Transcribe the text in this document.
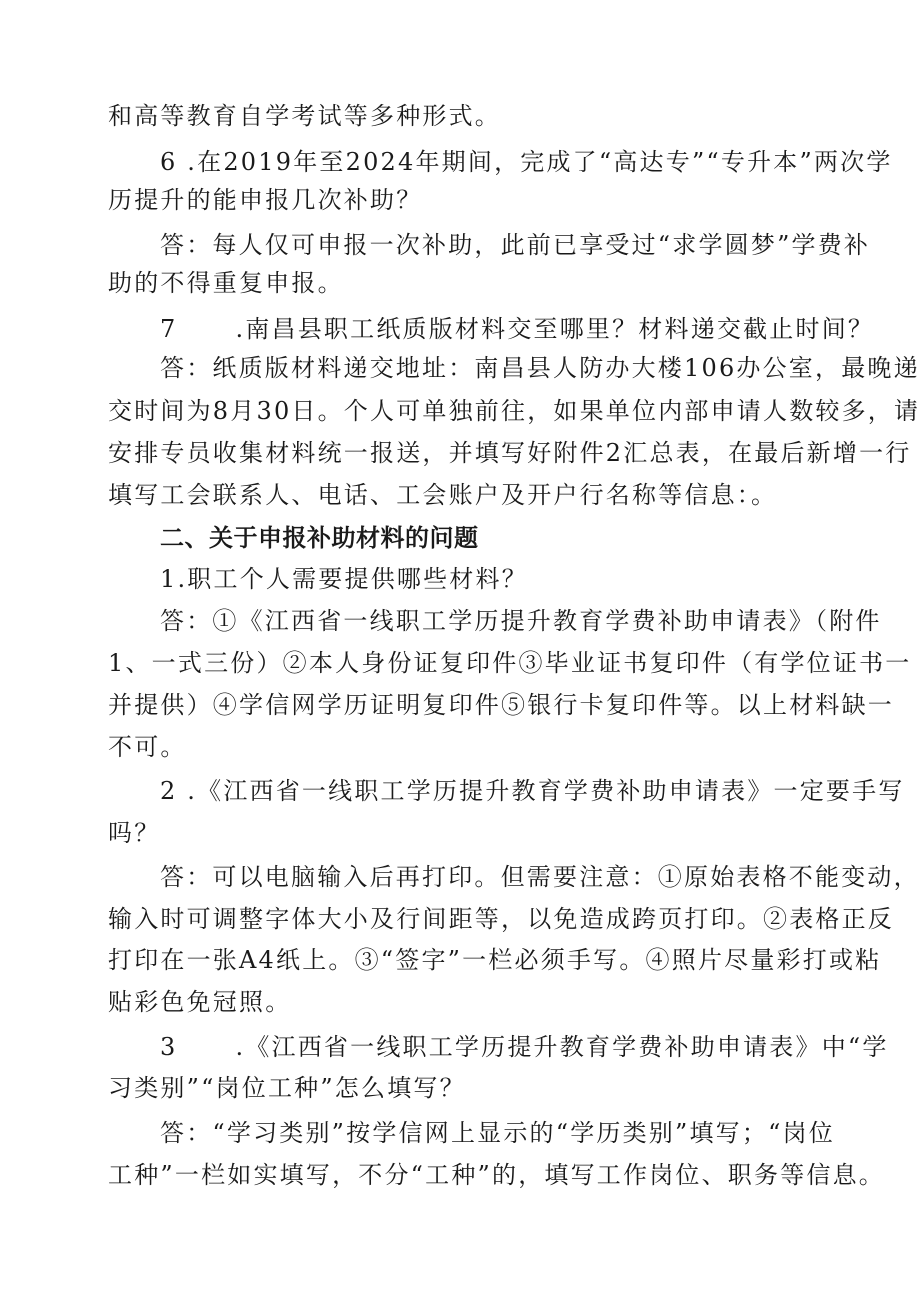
和高等教育自学考试等多种形式。
6 .在2019年至2024年期间，完成了“高达专”“专升本”两次学
历提升的能申报几次补助？
答：每人仅可申报一次补助，此前已享受过“求学圆梦”学费补
助的不得重复申报。
7 .南昌县职工纸质版材料交至哪里？材料递交截止时间？
答：纸质版材料递交地址：南昌县人防办大楼106办公室，最晚递
交时间为8月30日。个人可单独前往，如果单位内部申请人数较多，请
安排专员收集材料统一报送，并填写好附件2汇总表，在最后新增一行
填写工会联系人、电话、工会账户及开户行名称等信息：。
二、关于申报补助材料的问题
1.职工个人需要提供哪些材料？
答：①《江西省一线职工学历提升教育学费补助申请表》（附件
1、一式三份）②本人身份证复印件③毕业证书复印件（有学位证书一
并提供）④学信网学历证明复印件⑤银行卡复印件等。以上材料缺一
不可。
2 .《江西省一线职工学历提升教育学费补助申请表》一定要手写
吗？
答：可以电脑输入后再打印。但需要注意：①原始表格不能变动，
输入时可调整字体大小及行间距等，以免造成跨页打印。②表格正反
打印在一张A4纸上。③“签字”一栏必须手写。④照片尽量彩打或粘
贴彩色免冠照。
3 .《江西省一线职工学历提升教育学费补助申请表》中“学
习类别”“岗位工种”怎么填写？
答：“学习类别”按学信网上显示的“学历类别”填写；“岗位
工种”一栏如实填写，不分“工种”的，填写工作岗位、职务等信息。
